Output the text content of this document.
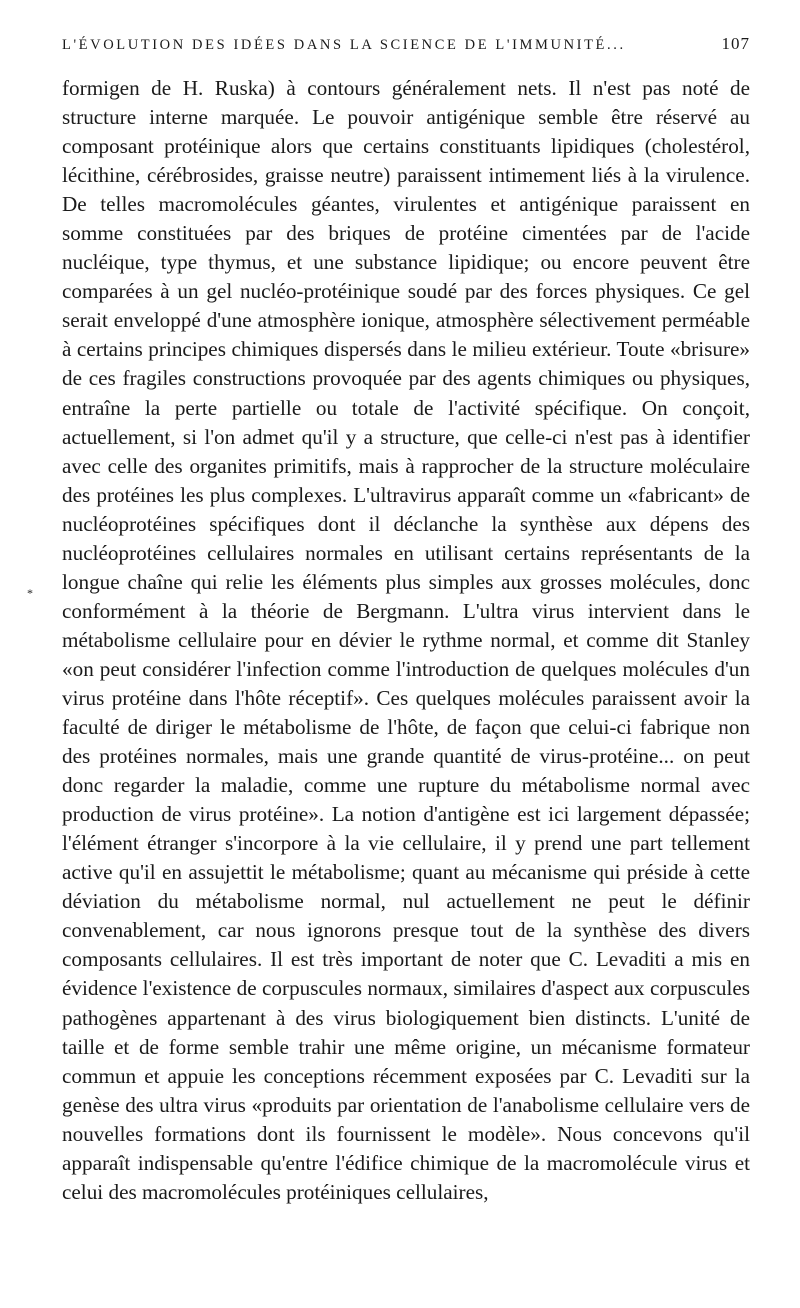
L'ÉVOLUTION DES IDÉES DANS LA SCIENCE DE L'IMMUNITÉ...	107

formigen de H. Ruska) à contours généralement nets. Il n'est pas noté de structure interne marquée. Le pouvoir antigénique semble être réservé au composant protéinique alors que certains constituants lipidiques (cholestérol, lécithine, cérébrosides, graisse neutre) paraissent intimement liés à la virulence. De telles macromolécules géantes, virulentes et antigénique paraissent en somme constituées par des briques de protéine cimentées par de l'acide nucléique, type thymus, et une substance lipidique; ou encore peuvent être comparées à un gel nucléo-protéinique soudé par des forces physiques. Ce gel serait enveloppé d'une atmosphère ionique, atmosphère sélectivement perméable à certains principes chimiques dispersés dans le milieu extérieur. Toute «brisure» de ces fragiles constructions provoquée par des agents chimiques ou physiques, entraîne la perte partielle ou totale de l'activité spécifique. On conçoit, actuellement, si l'on admet qu'il y a structure, que celle-ci n'est pas à identifier avec celle des organites primitifs, mais à rapprocher de la structure moléculaire des protéines les plus complexes. L'ultravirus apparaît comme un «fabricant» de nucléoprotéines spécifiques dont il déclanche la synthèse aux dépens des nucléoprotéines cellulaires normales en utilisant certains représentants de la longue chaîne qui relie les éléments plus simples aux grosses molécules, donc conformément à la théorie de Bergmann. L'ultra virus intervient dans le métabolisme cellulaire pour en dévier le rythme normal, et comme dit Stanley «on peut considérer l'infection comme l'introduction de quelques molécules d'un virus protéine dans l'hôte réceptif». Ces quelques molécules paraissent avoir la faculté de diriger le métabolisme de l'hôte, de façon que celui-ci fabrique non des protéines normales, mais une grande quantité de virus-protéine... on peut donc regarder la maladie, comme une rupture du métabolisme normal avec production de virus protéine». La notion d'antigène est ici largement dépassée; l'élément étranger s'incorpore à la vie cellulaire, il y prend une part tellement active qu'il en assujettit le métabolisme; quant au mécanisme qui préside à cette déviation du métabolisme normal, nul actuellement ne peut le définir convenablement, car nous ignorons presque tout de la synthèse des divers composants cellulaires. Il est très important de noter que C. Levaditi a mis en évidence l'existence de corpuscules normaux, similaires d'aspect aux corpuscules pathogènes appartenant à des virus biologiquement bien distincts. L'unité de taille et de forme semble trahir une même origine, un mécanisme formateur commun et appuie les conceptions récemment exposées par C. Levaditi sur la genèse des ultra virus «produits par orientation de l'anabolisme cellulaire vers de nouvelles formations dont ils fournissent le modèle». Nous concevons qu'il apparaît indispensable qu'entre l'édifice chimique de la macromolécule virus et celui des macromolécules protéiniques cellulaires,

*
